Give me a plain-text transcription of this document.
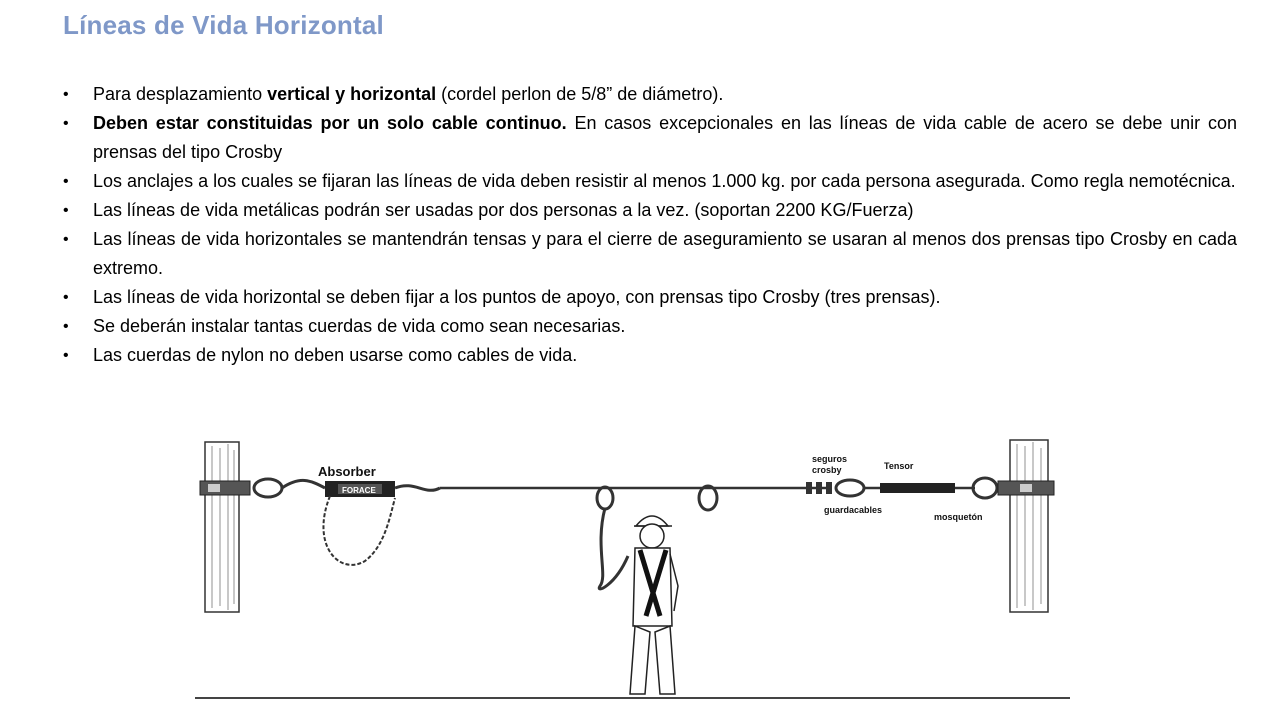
Líneas de Vida Horizontal
• Para desplazamiento vertical y horizontal (cordel perlon de 5/8” de diámetro).
• Deben estar constituidas por un solo cable continuo. En casos excepcionales en las líneas de vida cable de acero se debe unir con prensas del tipo Crosby
• Los anclajes a los cuales se fijaran las líneas de vida deben resistir al menos 1.000 kg. por cada persona asegurada. Como regla nemotécnica.
• Las líneas de vida metálicas podrán ser usadas por dos personas a la vez. (soportan 2200 KG/Fuerza)
• Las líneas de vida horizontales se mantendrán tensas y para el cierre de aseguramiento se usaran al menos dos prensas tipo Crosby en cada extremo.
• Las líneas de vida horizontal se deben fijar a los puntos de apoyo, con prensas tipo Crosby (tres prensas).
• Se deberán instalar tantas cuerdas de vida como sean necesarias.
• Las cuerdas de nylon no deben usarse como cables de vida.
FORACE
Absorber
seguros
crosby	Tensor
guardacables
mosquetón
